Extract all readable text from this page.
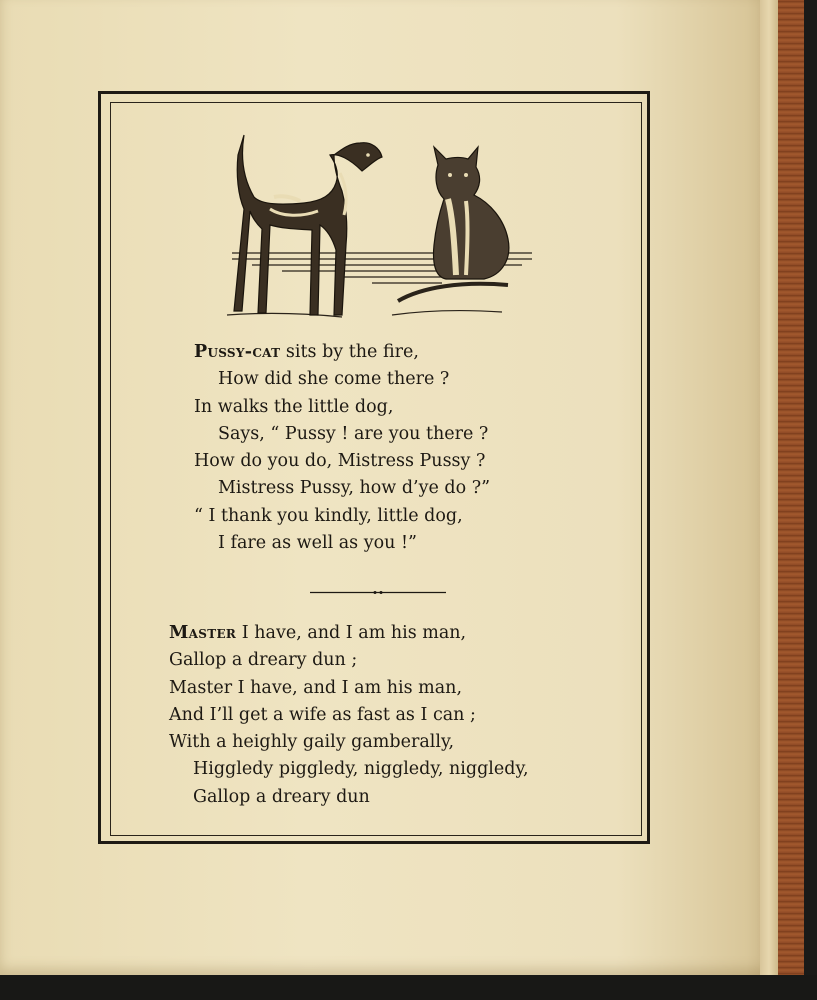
Pussy-cat sits by the fire,
How did she come there ?
In walks the little dog,
Says, “ Pussy ! are you there ?
How do you do, Mistress Pussy ?
Mistress Pussy, how d’ye do ?”
“ I thank you kindly, little dog,
I fare as well as you !”
Master I have, and I am his man,
Gallop a dreary dun ;
Master I have, and I am his man,
And I’ll get a wife as fast as I can ;
With a heighly gaily gamberally,
Higgledy piggledy, niggledy, niggledy,
Gallop a dreary dun
